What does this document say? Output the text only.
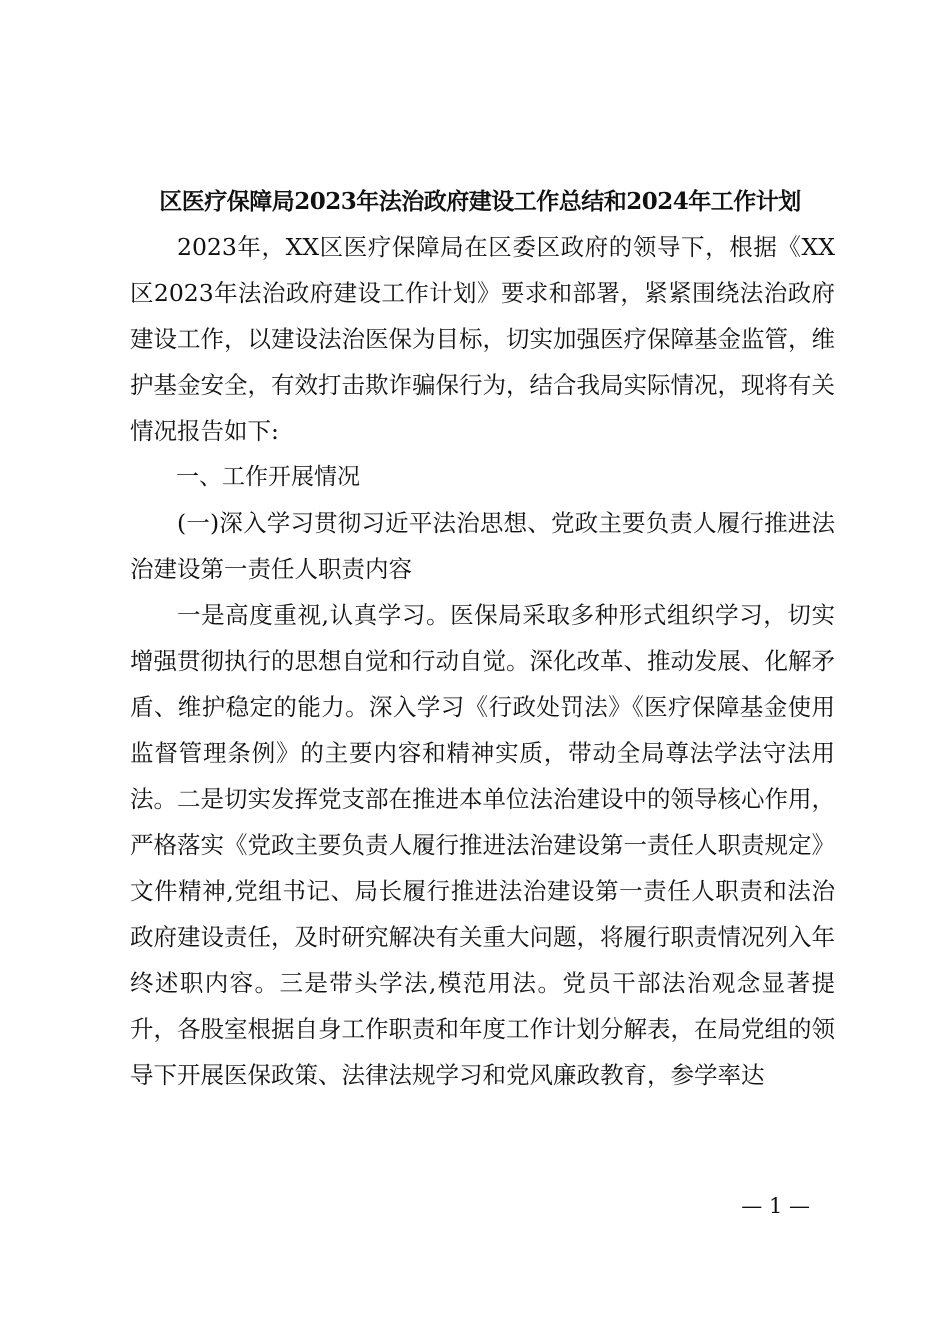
区医疗保障局2023年法治政府建设工作总结和2024年工作计划

2023年，XX区医疗保障局在区委区政府的领导下，根据《XX区2023年法治政府建设工作计划》要求和部署，紧紧围绕法治政府建设工作，以建设法治医保为目标，切实加强医疗保障基金监管，维护基金安全，有效打击欺诈骗保行为，结合我局实际情况，现将有关情况报告如下:

一、工作开展情况

(一)深入学习贯彻习近平法治思想、党政主要负责人履行推进法治建设第一责任人职责内容

一是高度重视,认真学习。医保局采取多种形式组织学习，切实增强贯彻执行的思想自觉和行动自觉。深化改革、推动发展、化解矛盾、维护稳定的能力。深入学习《行政处罚法》《医疗保障基金使用监督管理条例》的主要内容和精神实质，带动全局尊法学法守法用法。二是切实发挥党支部在推进本单位法治建设中的领导核心作用，严格落实《党政主要负责人履行推进法治建设第一责任人职责规定》文件精神,党组书记、局长履行推进法治建设第一责任人职责和法治政府建设责任，及时研究解决有关重大问题，将履行职责情况列入年终述职内容。三是带头学法,模范用法。党员干部法治观念显著提升，各股室根据自身工作职责和年度工作计划分解表，在局党组的领导下开展医保政策、法律法规学习和党风廉政教育，参学率达

— 1 —
